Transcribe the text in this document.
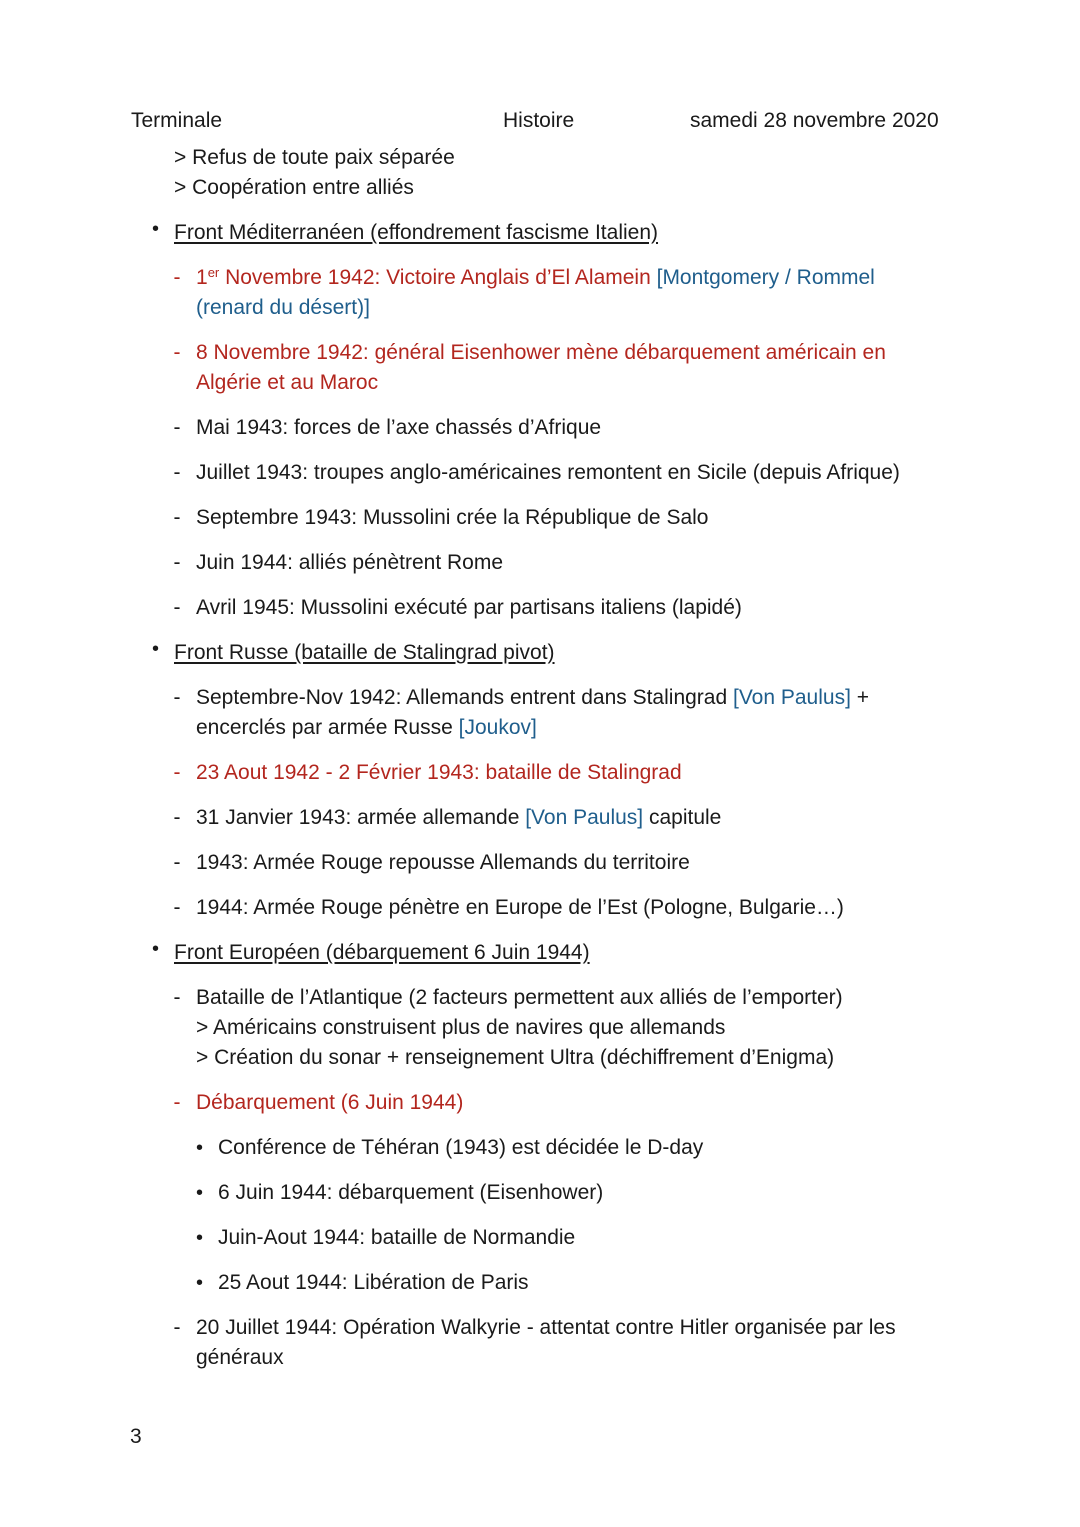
Terminale	Histoire	samedi 28 novembre 2020
> Refus de toute paix séparée
> Coopération entre alliés
• Front Méditerranéen (effondrement fascisme Italien)
- 1er Novembre 1942: Victoire Anglais d’El Alamein [Montgomery / Rommel
(renard du désert)]
- 8 Novembre 1942: général Eisenhower mène débarquement américain en
Algérie et au Maroc
- Mai 1943: forces de l’axe chassés d’Afrique
- Juillet 1943: troupes anglo-américaines remontent en Sicile (depuis Afrique)
- Septembre 1943: Mussolini crée la République de Salo
- Juin 1944: alliés pénètrent Rome
- Avril 1945: Mussolini exécuté par partisans italiens (lapidé)
• Front Russe (bataille de Stalingrad pivot)
- Septembre-Nov 1942: Allemands entrent dans Stalingrad [Von Paulus] +
encerclés par armée Russe [Joukov]
- 23 Aout 1942 - 2 Février 1943: bataille de Stalingrad
- 31 Janvier 1943: armée allemande [Von Paulus] capitule
- 1943: Armée Rouge repousse Allemands du territoire
- 1944: Armée Rouge pénètre en Europe de l’Est (Pologne, Bulgarie…)
• Front Européen (débarquement 6 Juin 1944)
- Bataille de l’Atlantique (2 facteurs permettent aux alliés de l’emporter)
> Américains construisent plus de navires que allemands
> Création du sonar + renseignement Ultra (déchiffrement d’Enigma)
- Débarquement (6 Juin 1944)
• Conférence de Téhéran (1943) est décidée le D-day
• 6 Juin 1944: débarquement (Eisenhower)
• Juin-Aout 1944: bataille de Normandie
• 25 Aout 1944: Libération de Paris
- 20 Juillet 1944: Opération Walkyrie - attentat contre Hitler organisée par les
généraux
3
